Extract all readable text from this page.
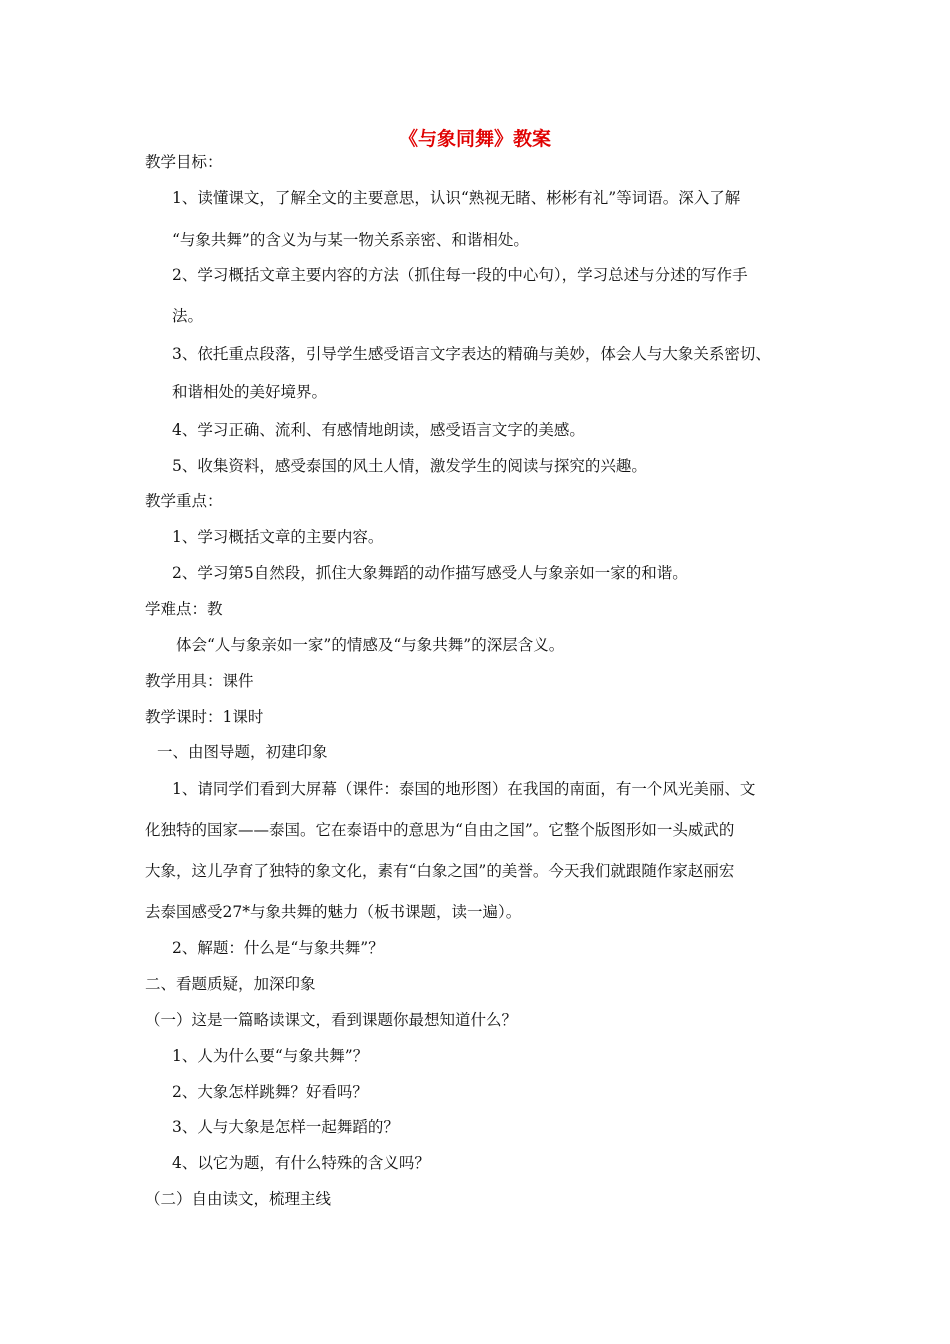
《与象同舞》教案
教学目标：
1、读懂课文，了解全文的主要意思，认识“熟视无睹、彬彬有礼”等词语。深入了解
“与象共舞”的含义为与某一物关系亲密、和谐相处。
2、学习概括文章主要内容的方法（抓住每一段的中心句），学习总述与分述的写作手
法。
3、依托重点段落，引导学生感受语言文字表达的精确与美妙，体会人与大象关系密切、
和谐相处的美好境界。
4、学习正确、流利、有感情地朗读，感受语言文字的美感。
5、收集资料，感受泰国的风土人情，激发学生的阅读与探究的兴趣。
教学重点：
1、学习概括文章的主要内容。
2、学习第5自然段，抓住大象舞蹈的动作描写感受人与象亲如一家的和谐。
学难点：教
体会“人与象亲如一家”的情感及“与象共舞”的深层含义。
教学用具：课件
教学课时：1课时
一、由图导题，初建印象
1、请同学们看到大屏幕（课件：泰国的地形图）在我国的南面，有一个风光美丽、文
化独特的国家——泰国。它在泰语中的意思为“自由之国”。它整个版图形如一头威武的
大象，这儿孕育了独特的象文化，素有“白象之国”的美誉。今天我们就跟随作家赵丽宏
去泰国感受27*与象共舞的魅力（板书课题，读一遍）。
2、解题：什么是“与象共舞”？
二、看题质疑，加深印象
（一）这是一篇略读课文，看到课题你最想知道什么？
1、人为什么要“与象共舞”？
2、大象怎样跳舞？好看吗？
3、人与大象是怎样一起舞蹈的？
4、以它为题，有什么特殊的含义吗？
（二）自由读文，梳理主线
